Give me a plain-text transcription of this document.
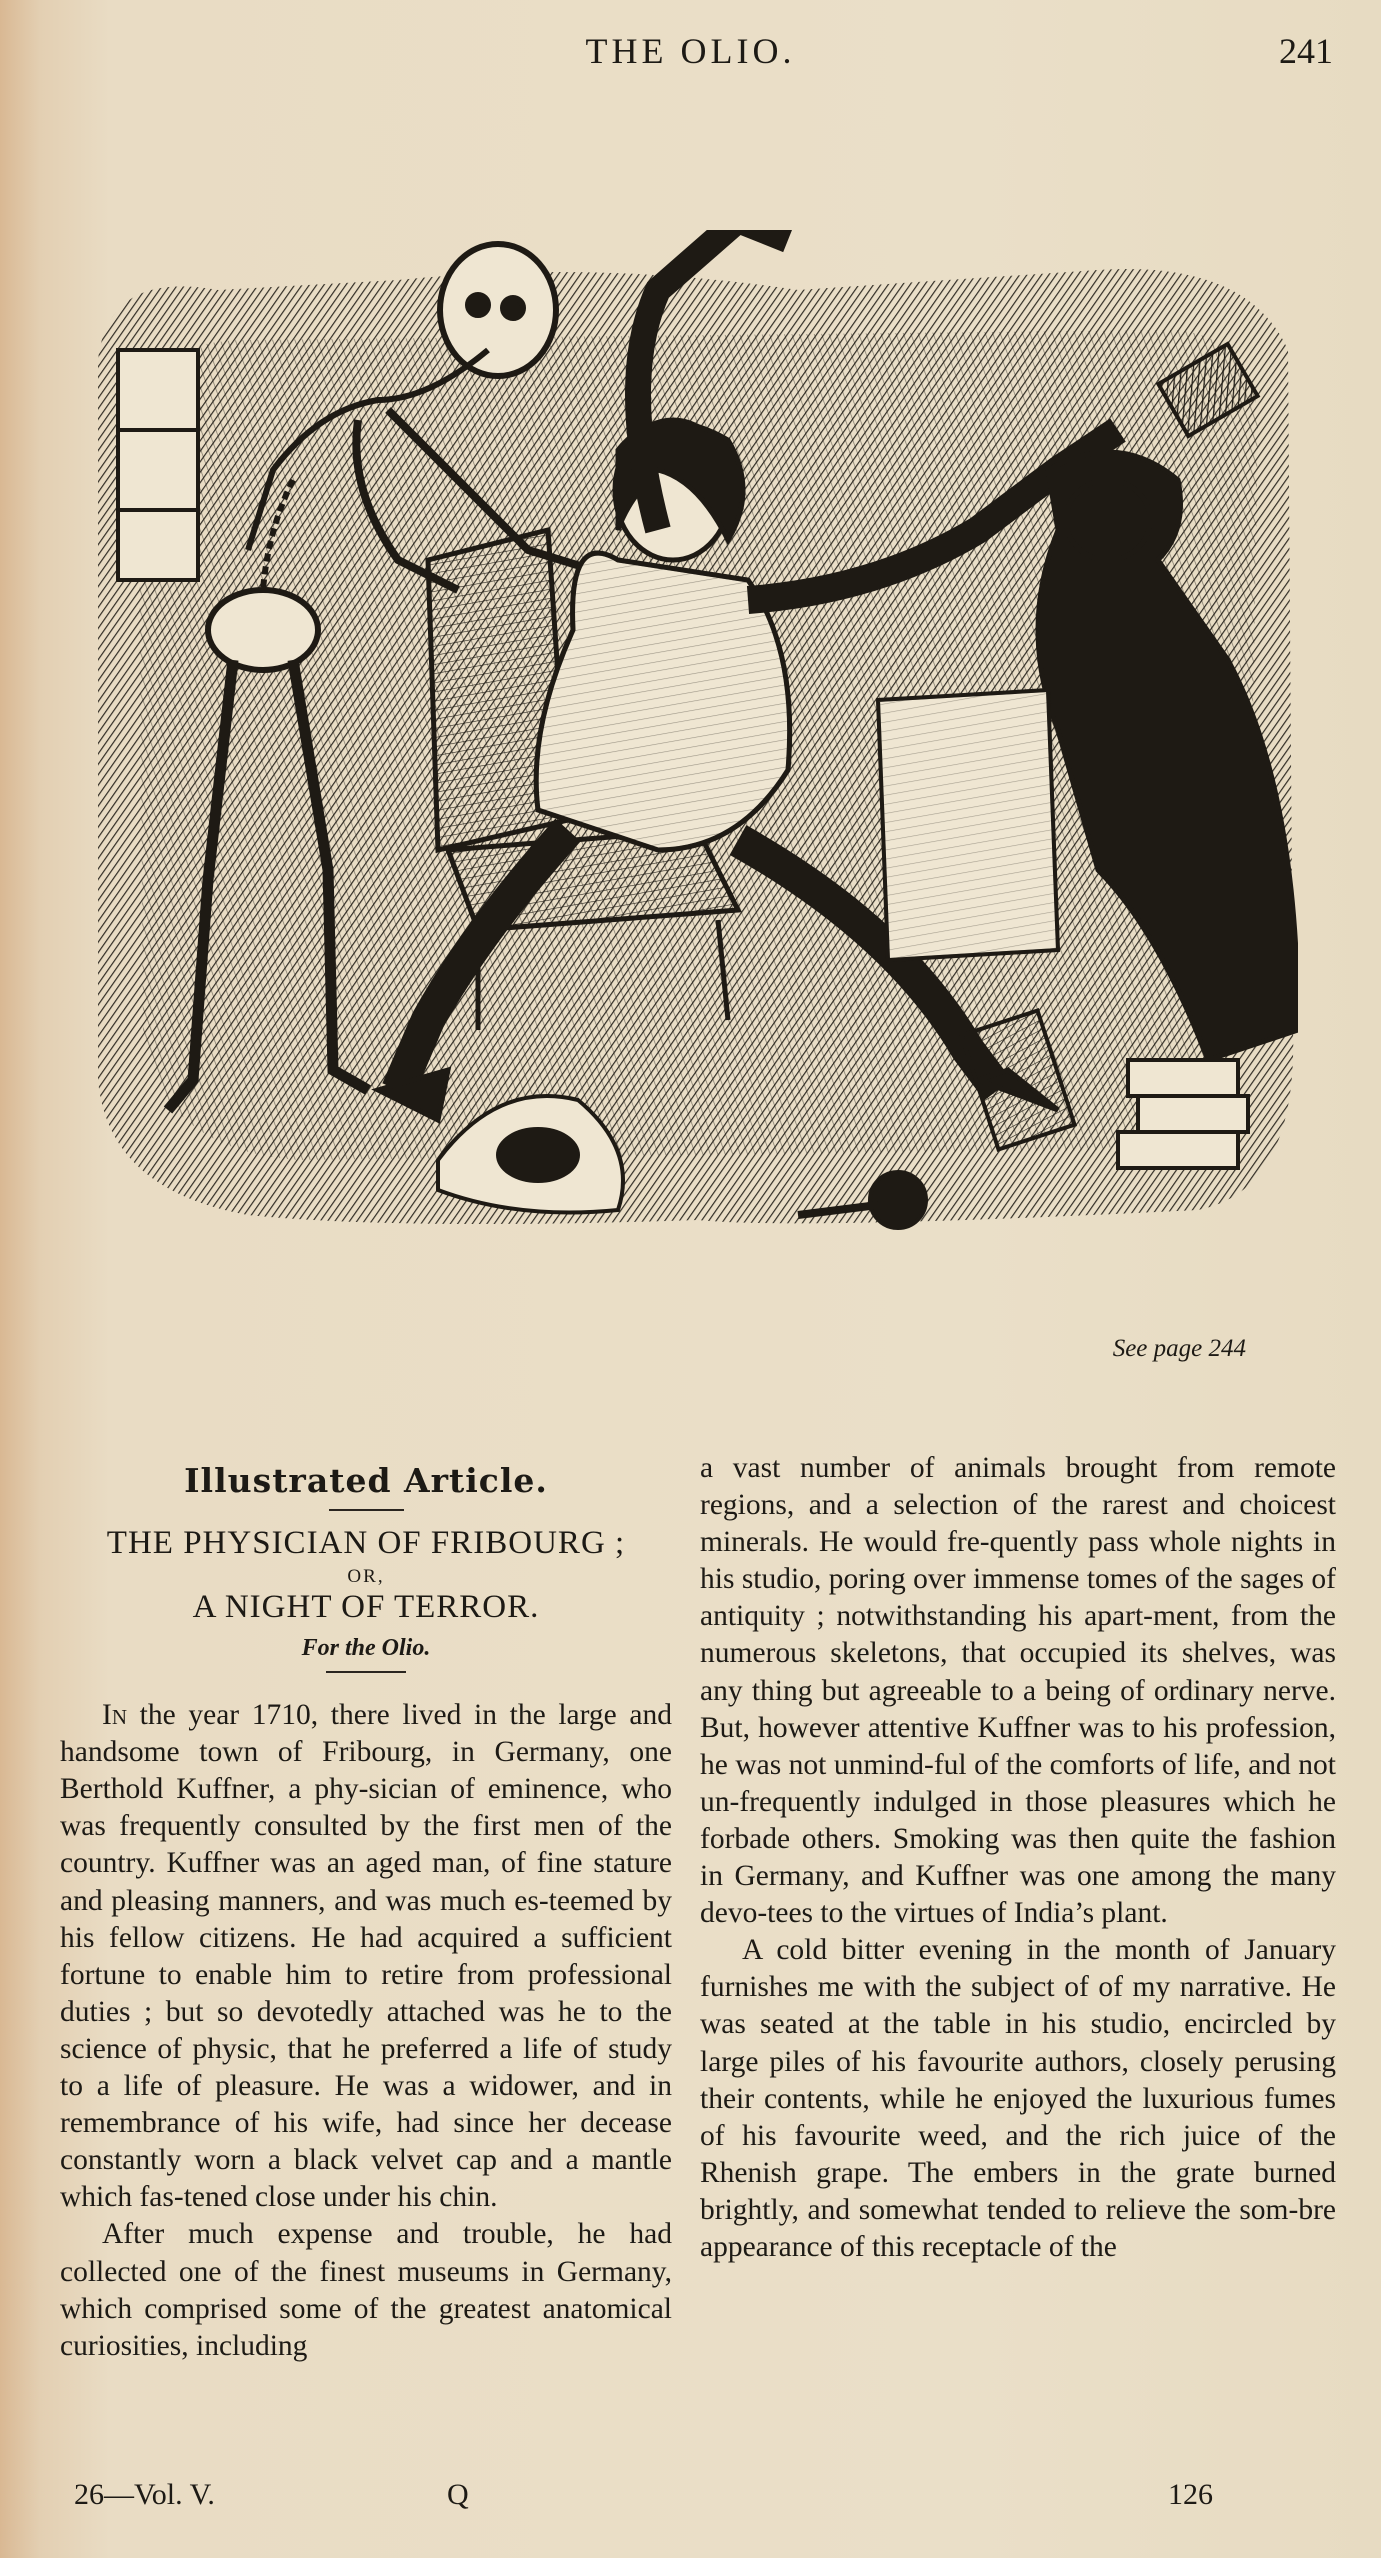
THE OLIO.	241
See page 244
Illustrated Article.
THE PHYSICIAN OF FRIBOURG ;
OR,
A NIGHT OF TERROR.
For the Olio.

In the year 1710, there lived in the large and handsome town of Fribourg, in Germany, one Berthold Kuffner, a phy-sician of eminence, who was frequently consulted by the first men of the country. Kuffner was an aged man, of fine stature and pleasing manners, and was much es-teemed by his fellow citizens. He had acquired a sufficient fortune to enable him to retire from professional duties ; but so devotedly attached was he to the science of physic, that he preferred a life of study to a life of pleasure. He was a widower, and in remembrance of his wife, had since her decease constantly worn a black velvet cap and a mantle which fas-tened close under his chin.

After much expense and trouble, he had collected one of the finest museums in Germany, which comprised some of the greatest anatomical curiosities, including

a vast number of animals brought from remote regions, and a selection of the rarest and choicest minerals. He would fre-quently pass whole nights in his studio, poring over immense tomes of the sages of antiquity ; notwithstanding his apart-ment, from the numerous skeletons, that occupied its shelves, was any thing but agreeable to a being of ordinary nerve. But, however attentive Kuffner was to his profession, he was not unmind-ful of the comforts of life, and not un-frequently indulged in those pleasures which he forbade others. Smoking was then quite the fashion in Germany, and Kuffner was one among the many devo-tees to the virtues of India’s plant.

A cold bitter evening in the month of January furnishes me with the subject of of my narrative. He was seated at the table in his studio, encircled by large piles of his favourite authors, closely perusing their contents, while he enjoyed the luxurious fumes of his favourite weed, and the rich juice of the Rhenish grape. The embers in the grate burned brightly, and somewhat tended to relieve the som-bre appearance of this receptacle of the

26—Vol. V.	Q	126
